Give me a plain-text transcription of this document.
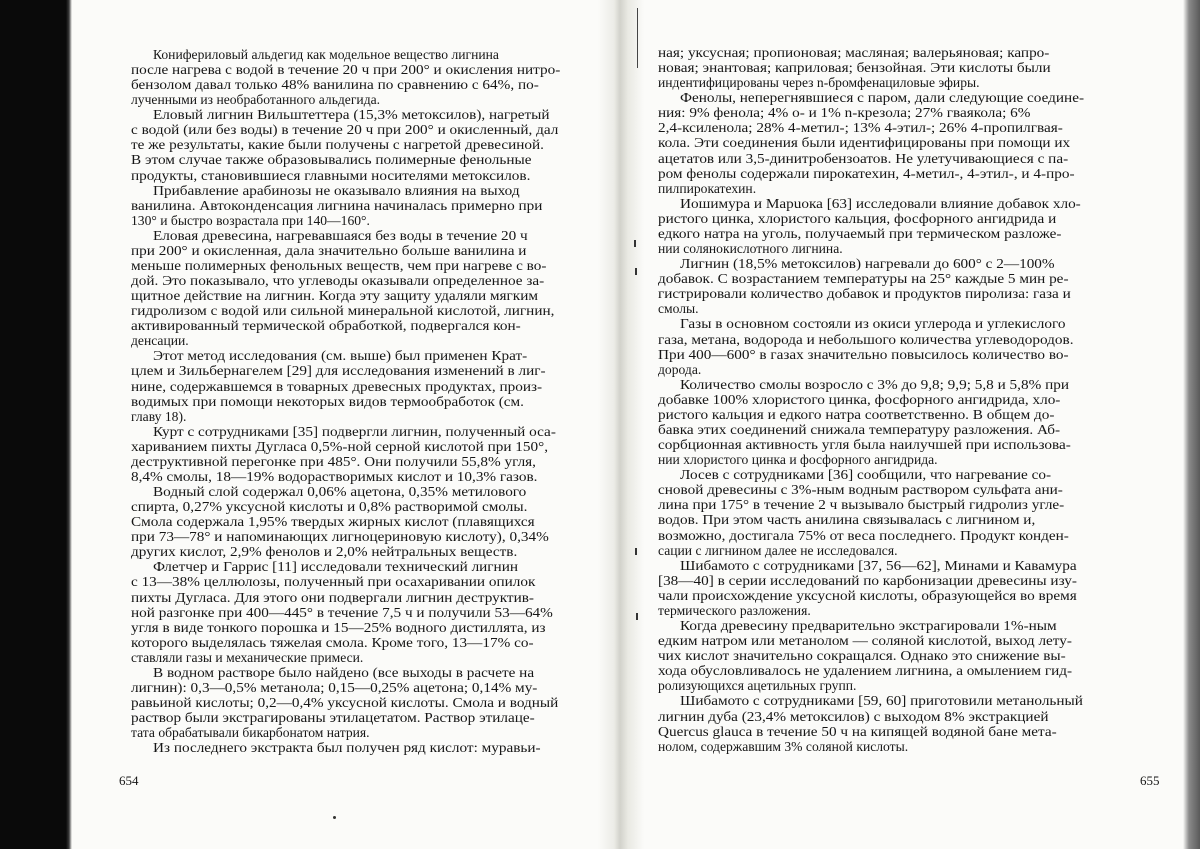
Конифериловый альдегид как модельное вещество лигнина
после нагрева с водой в течение 20 ч при 200° и окисления нитро-
бензолом давал только 48% ванилина по сравнению с 64%, по-
лученными из необработанного альдегида.
Еловый лигнин Вильштеттера (15,3% метоксилов), нагретый
с водой (или без воды) в течение 20 ч при 200° и окисленный, дал
те же результаты, какие были получены с нагретой древесиной.
В этом случае также образовывались полимерные фенольные
продукты, становившиеся главными носителями метоксилов.
Прибавление арабинозы не оказывало влияния на выход
ванилина. Автоконденсация лигнина начиналась примерно при
130° и быстро возрастала при 140—160°.
Еловая древесина, нагревавшаяся без воды в течение 20 ч
при 200° и окисленная, дала значительно больше ванилина и
меньше полимерных фенольных веществ, чем при нагреве с во-
дой. Это показывало, что углеводы оказывали определенное за-
щитное действие на лигнин. Когда эту защиту удаляли мягким
гидролизом с водой или сильной минеральной кислотой, лигнин,
активированный термической обработкой, подвергался кон-
денсации.
Этот метод исследования (см. выше) был применен Крат-
цлем и Зильбернагелем [29] для исследования изменений в лиг-
нине, содержавшемся в товарных древесных продуктах, произ-
водимых при помощи некоторых видов термообработок (см.
главу 18).
Курт с сотрудниками [35] подвергли лигнин, полученный оса-
хариванием пихты Дугласа 0,5%-ной серной кислотой при 150°,
деструктивной перегонке при 485°. Они получили 55,8% угля,
8,4% смолы, 18—19% водорастворимых кислот и 10,3% газов.
Водный слой содержал 0,06% ацетона, 0,35% метилового
спирта, 0,27% уксусной кислоты и 0,8% растворимой смолы.
Смола содержала 1,95% твердых жирных кислот (плавящихся
при 73—78° и напоминающих лигноцериновую кислоту), 0,34%
других кислот, 2,9% фенолов и 2,0% нейтральных веществ.
Флетчер и Гаррис [11] исследовали технический лигнин
с 13—38% целлюлозы, полученный при осахаривании опилок
пихты Дугласа. Для этого они подвергали лигнин деструктив-
ной разгонке при 400—445° в течение 7,5 ч и получили 53—64%
угля в виде тонкого порошка и 15—25% водного дистиллята, из
которого выделялась тяжелая смола. Кроме того, 13—17% со-
ставляли газы и механические примеси.
В водном растворе было найдено (все выходы в расчете на
лигнин): 0,3—0,5% метанола; 0,15—0,25% ацетона; 0,14% му-
равьиной кислоты; 0,2—0,4% уксусной кислоты. Смола и водный
раствор были экстрагированы этилацетатом. Раствор этилаце-
тата обрабатывали бикарбонатом натрия.
Из последнего экстракта был получен ряд кислот: муравьи-
654
ная; уксусная; пропионовая; масляная; валерьяновая; капро-
новая; энантовая; каприловая; бензойная. Эти кислоты были
индентифицированы через n-бромфенациловые эфиры.
Фенолы, неперегнявшиеся с паром, дали следующие соедине-
ния: 9% фенола; 4% o- и 1% n-крезола; 27% гваякола; 6%
2,4-ксиленола; 28% 4-метил-; 13% 4-этил-; 26% 4-пропилгвая-
кола. Эти соединения были идентифицированы при помощи их
ацетатов или 3,5-динитробензоатов. Не улетучивающиеся с па-
ром фенолы содержали пирокатехин, 4-метил-, 4-этил-, и 4-про-
пилпирокатехин.
Иошимура и Марuoка [63] исследовали влияние добавок хло-
ристого цинка, хлористого кальция, фосфорного ангидрида и
едкого натра на уголь, получаемый при термическом разложе-
нии солянокислотного лигнина.
Лигнин (18,5% метоксилов) нагревали до 600° с 2—100%
добавок. С возрастанием температуры на 25° каждые 5 мин ре-
гистрировали количество добавок и продуктов пиролиза: газа и
смолы.
Газы в основном состояли из окиси углерода и углекислого
газа, метана, водорода и небольшого количества углеводородов.
При 400—600° в газах значительно повысилось количество во-
дорода.
Количество смолы возросло с 3% до 9,8; 9,9; 5,8 и 5,8% при
добавке 100% хлористого цинка, фосфорного ангидрида, хло-
ристого кальция и едкого натра соответственно. В общем до-
бавка этих соединений снижала температуру разложения. Аб-
сорбционная активность угля была наилучшей при использова-
нии хлористого цинка и фосфорного ангидрида.
Лосев с сотрудниками [36] сообщили, что нагревание со-
сновой древесины с 3%-ным водным раствором сульфата ани-
лина при 175° в течение 2 ч вызывало быстрый гидролиз угле-
водов. При этом часть анилина связывалась с лигнином и,
возможно, достигала 75% от веса последнего. Продукт конден-
сации с лигнином далее не исследовался.
Шибамото с сотрудниками [37, 56—62], Минами и Кавамура
[38—40] в серии исследований по карбонизации древесины изу-
чали происхождение уксусной кислоты, образующейся во время
термического разложения.
Когда древесину предварительно экстрагировали 1%-ным
едким натром или метанолом — соляной кислотой, выход лету-
чих кислот значительно сокращался. Однако это снижение вы-
хода обусловливалось не удалением лигнина, а омылением гид-
ролизующихся ацетильных групп.
Шибамото с сотрудниками [59, 60] приготовили метанольный
лигнин дуба (23,4% метоксилов) с выходом 8% экстракцией
Quercus glauca в течение 50 ч на кипящей водяной бане мета-
нолом, содержавшим 3% соляной кислоты.
655
